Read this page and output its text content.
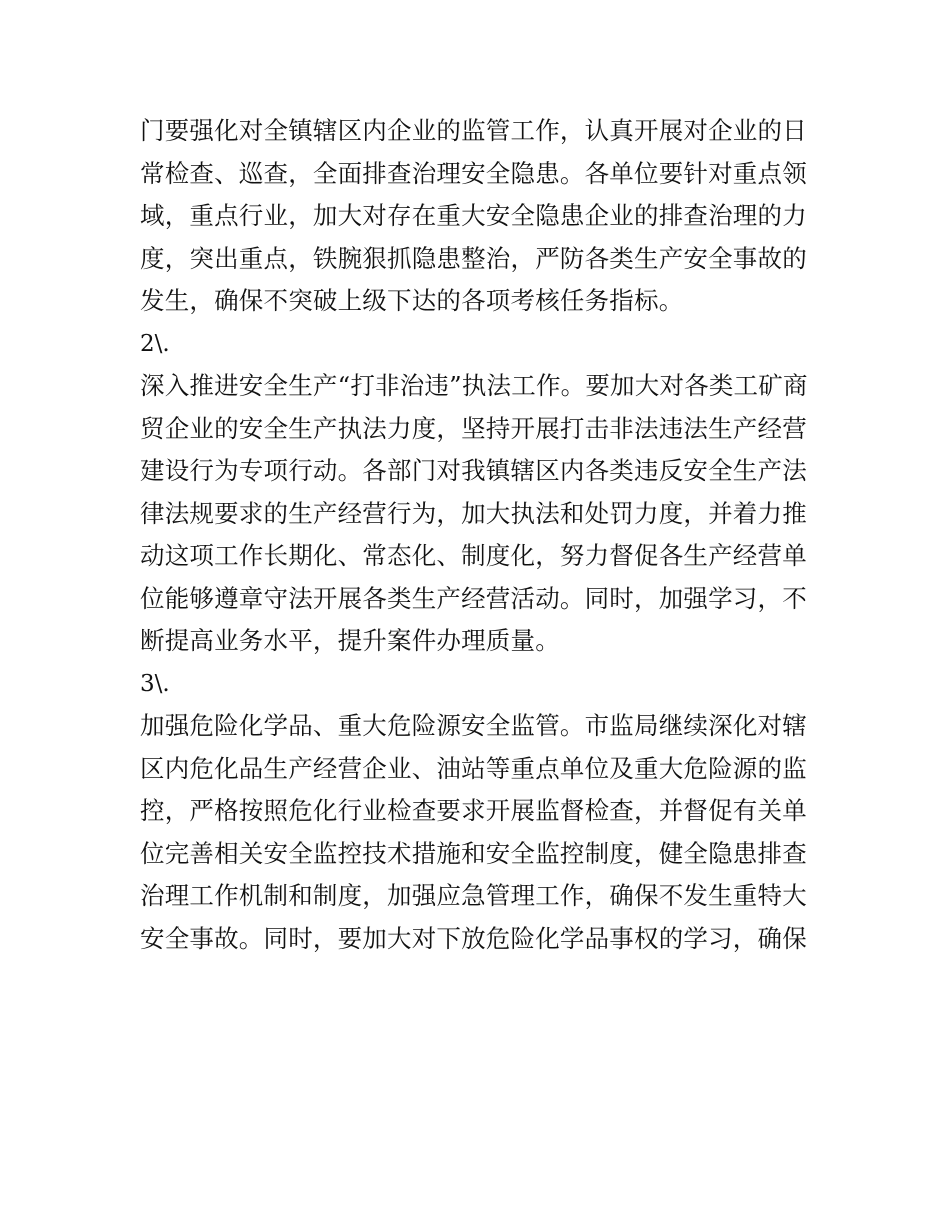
门要强化对全镇辖区内企业的监管工作，认真开展对企业的日
常检查、巡查，全面排查治理安全隐患。各单位要针对重点领
域，重点行业，加大对存在重大安全隐患企业的排查治理的力
度，突出重点，铁腕狠抓隐患整治，严防各类生产安全事故的
发生，确保不突破上级下达的各项考核任务指标。
2\.
深入推进安全生产“打非治违”执法工作。要加大对各类工矿商
贸企业的安全生产执法力度，坚持开展打击非法违法生产经营
建设行为专项行动。各部门对我镇辖区内各类违反安全生产法
律法规要求的生产经营行为，加大执法和处罚力度，并着力推
动这项工作长期化、常态化、制度化，努力督促各生产经营单
位能够遵章守法开展各类生产经营活动。同时，加强学习，不
断提高业务水平，提升案件办理质量。
3\.
加强危险化学品、重大危险源安全监管。市监局继续深化对辖
区内危化品生产经营企业、油站等重点单位及重大危险源的监
控，严格按照危化行业检查要求开展监督检查，并督促有关单
位完善相关安全监控技术措施和安全监控制度，健全隐患排查
治理工作机制和制度，加强应急管理工作，确保不发生重特大
安全事故。同时，要加大对下放危险化学品事权的学习，确保
